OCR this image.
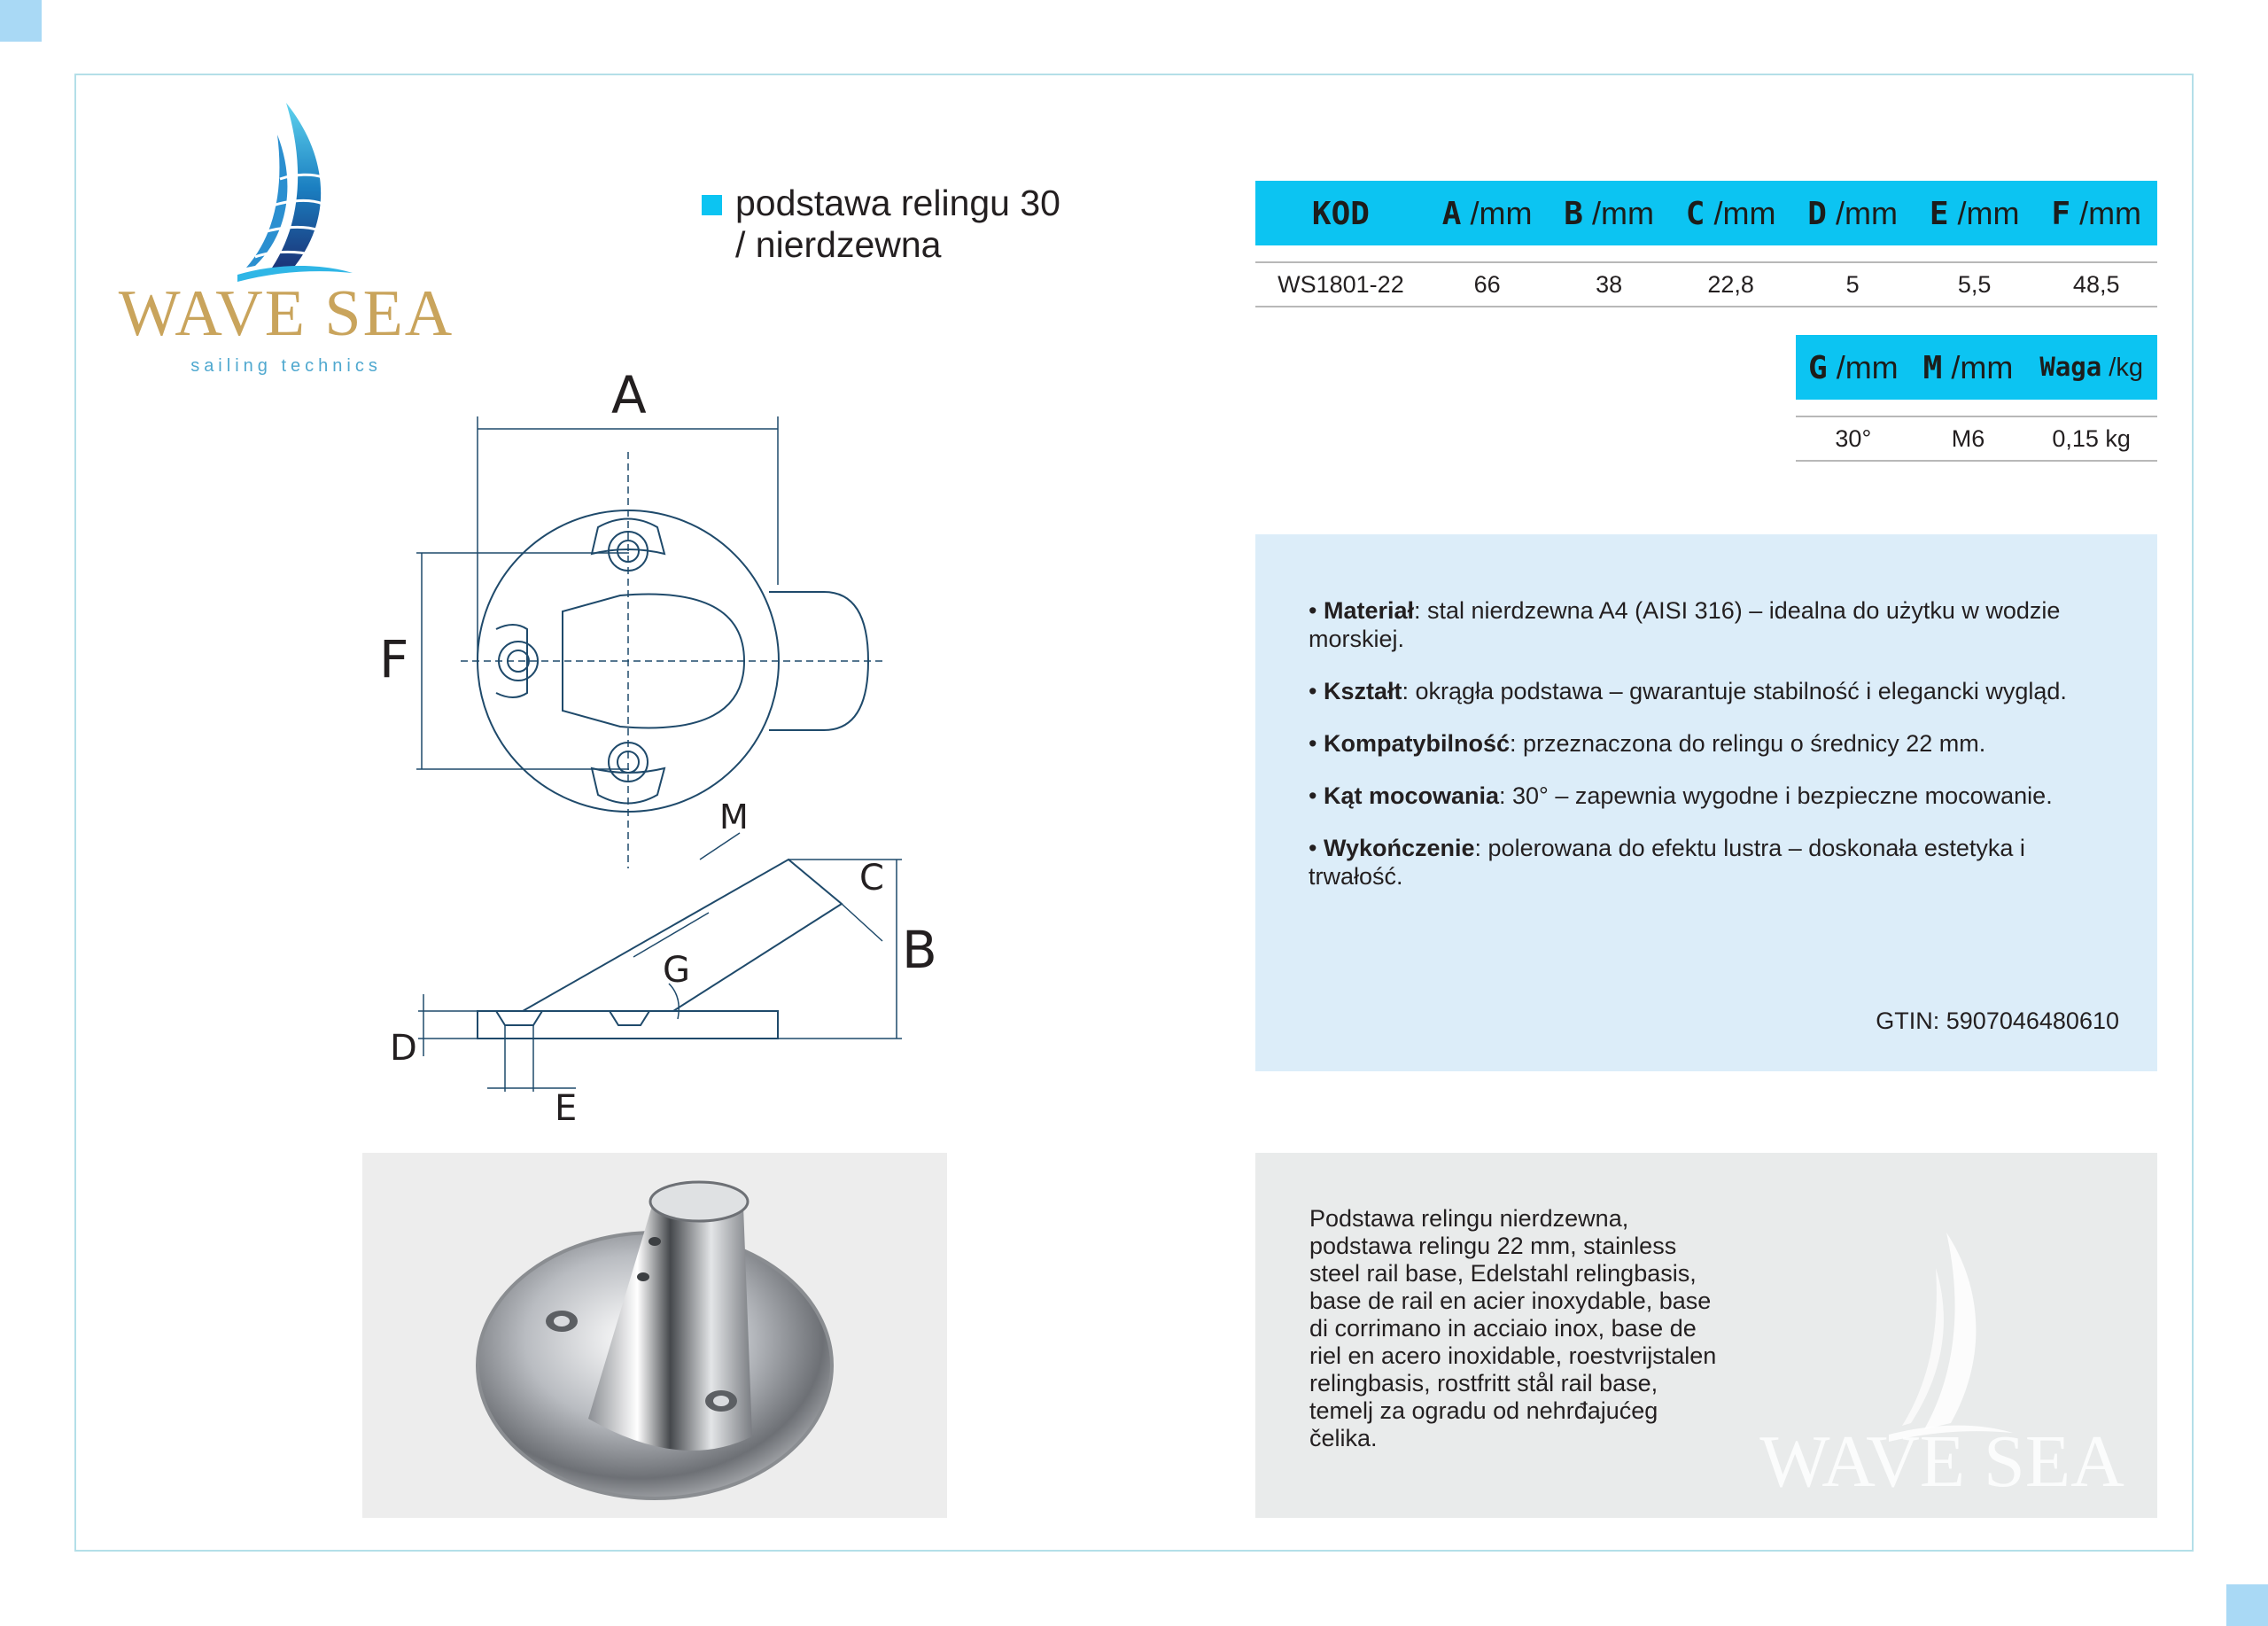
WAVE SEA
sailing technics
podstawa relingu 30
/ nierdzewna
KOD	A /mm	B /mm	C /mm	D /mm	E /mm	F /mm

WS1801-22	66	38	22,8	5	5,5	48,5
G /mm	M /mm	Waga /kg

30°	M6	0,15 kg
A
F
M
C
B
G
D
E
• Materiał: stal nierdzewna A4 (AISI 316) – idealna do użytku w wodzie morskiej.
• Kształt: okrągła podstawa – gwarantuje stabilność i elegancki wygląd.
• Kompatybilność: przeznaczona do relingu o średnicy 22 mm.
• Kąt mocowania: 30° – zapewnia wygodne i bezpieczne mocowanie.
• Wykończenie: polerowana do efektu lustra – doskonała estetyka i trwałość.
GTIN: 5907046480610
Podstawa relingu nierdzewna,
podstawa relingu 22 mm, stainless
steel rail base, Edelstahl relingbasis,
base de rail en acier inoxydable, base
di corrimano in acciaio inox, base de
riel en acero inoxidable, roestvrijstalen
relingbasis, rostfritt stål rail base,
temelj za ogradu od nehrđajućeg
čelika.	WAVE SEA
